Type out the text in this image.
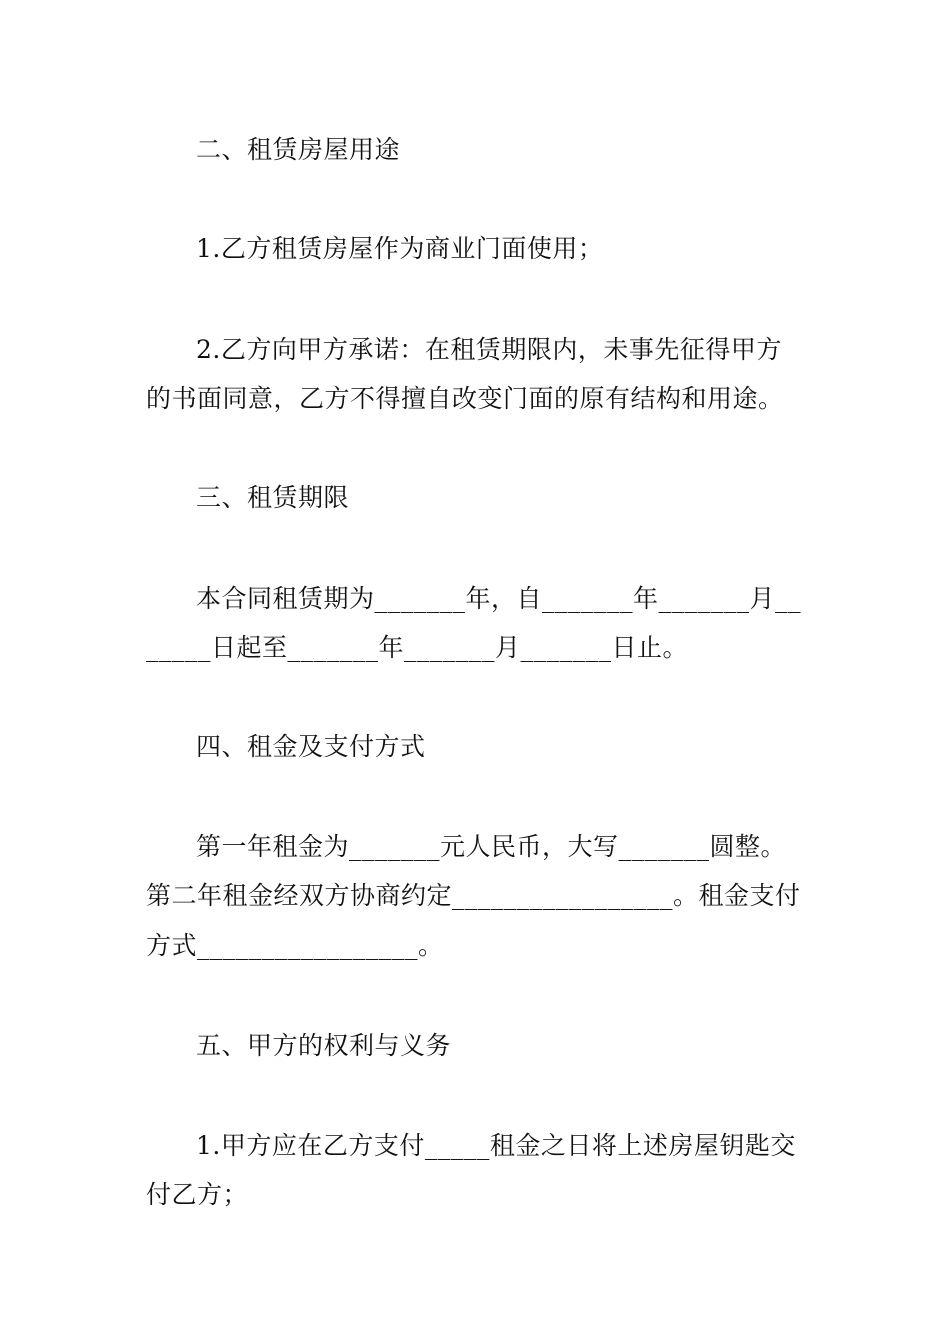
二、租赁房屋用途
1.乙方租赁房屋作为商业门面使用；
2.乙方向甲方承诺：在租赁期限内，未事先征得甲方
的书面同意，乙方不得擅自改变门面的原有结构和用途。
三、租赁期限
本合同租赁期为_______年，自_______年_______月__
_____日起至_______年_______月_______日止。
四、租金及支付方式
第一年租金为_______元人民币，大写_______圆整。
第二年租金经双方协商约定_________________。租金支付
方式_________________。
五、甲方的权利与义务
1.甲方应在乙方支付_____租金之日将上述房屋钥匙交
付乙方；
